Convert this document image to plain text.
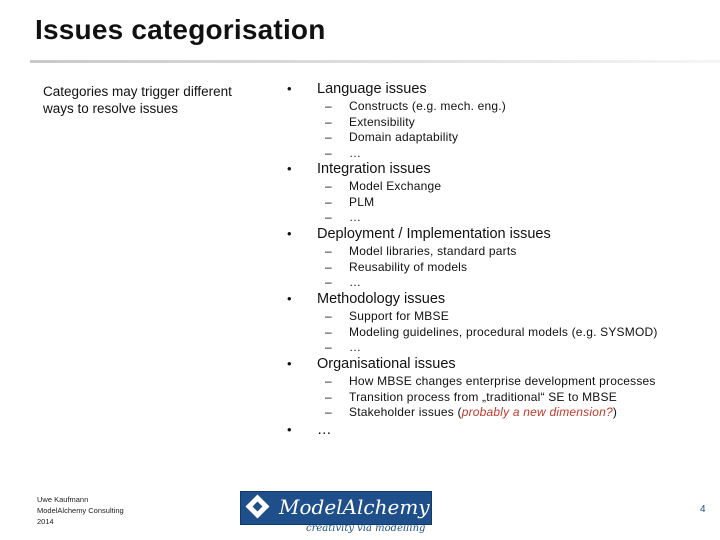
Issues categorisation
Categories may trigger different ways to resolve issues
• Language issues
– Constructs (e.g. mech. eng.)
– Extensibility
– Domain adaptability
– …
• Integration issues
– Model Exchange
– PLM
– …
• Deployment / Implementation issues
– Model libraries, standard parts
– Reusability of models
– …
• Methodology issues
– Support for MBSE
– Modeling guidelines, procedural models (e.g. SYSMOD)
– …
• Organisational issues
– How MBSE changes enterprise development processes
– Transition process from „traditional“ SE to MBSE
– Stakeholder issues (probably a new dimension?)
• …
Uwe Kaufmann
ModelAlchemy Consulting
2014
ModelAlchemy
creativity via modelling
4
